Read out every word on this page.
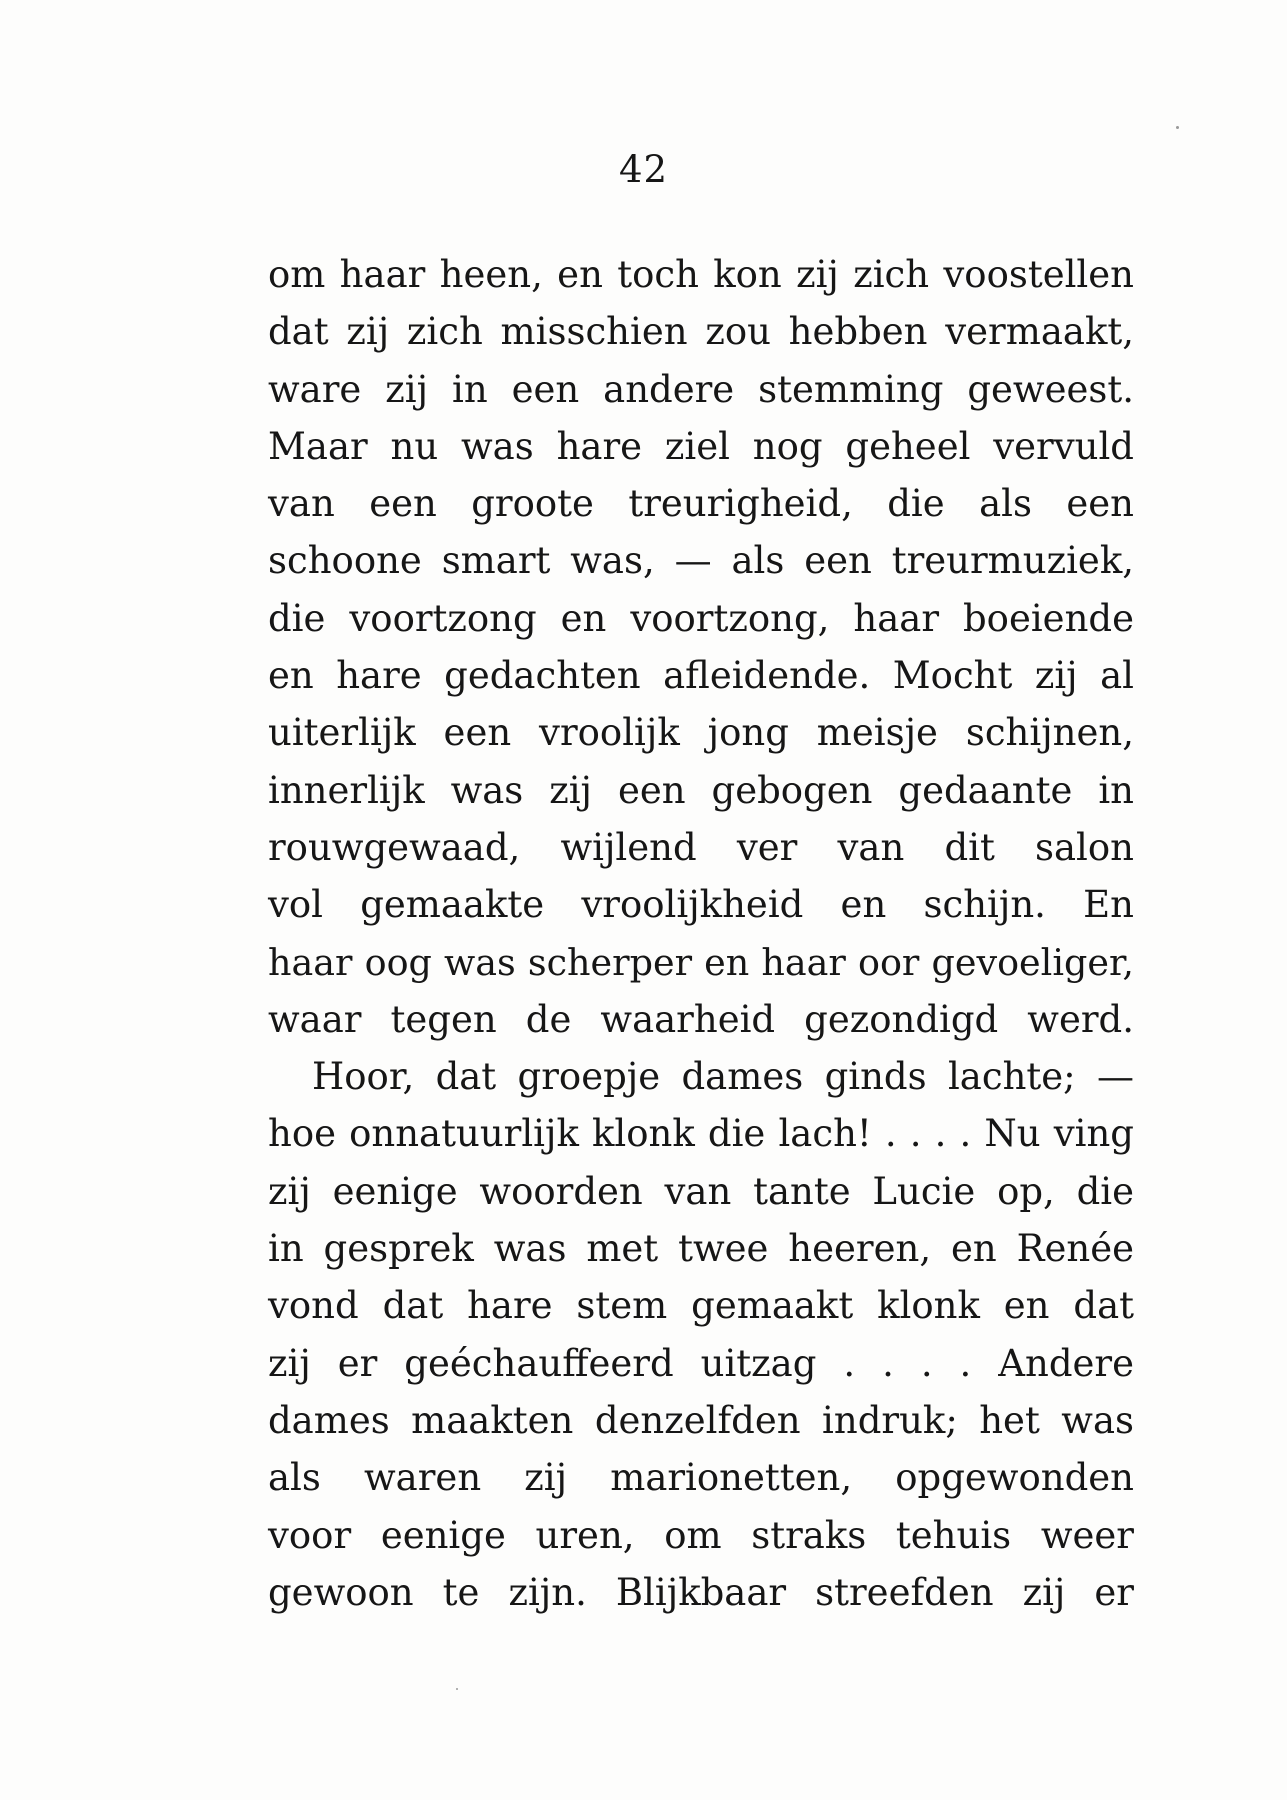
42
om haar heen, en toch kon zij zich voostellen
dat zij zich misschien zou hebben vermaakt,
ware zij in een andere stemming geweest.
Maar nu was hare ziel nog geheel vervuld
van een groote treurigheid, die als een
schoone smart was, — als een treurmuziek,
die voortzong en voortzong, haar boeiende
en hare gedachten afleidende. Mocht zij al
uiterlijk een vroolijk jong meisje schijnen,
innerlijk was zij een gebogen gedaante in
rouwgewaad, wijlend ver van dit salon
vol gemaakte vroolijkheid en schijn. En
haar oog was scherper en haar oor gevoeliger,
waar tegen de waarheid gezondigd werd.
Hoor, dat groepje dames ginds lachte; —
hoe onnatuurlijk klonk die lach! . . . . Nu ving
zij eenige woorden van tante Lucie op, die
in gesprek was met twee heeren, en Renée
vond dat hare stem gemaakt klonk en dat
zij er geéchauffeerd uitzag . . . . Andere
dames maakten denzelfden indruk; het was
als waren zij marionetten, opgewonden
voor eenige uren, om straks tehuis weer
gewoon te zijn. Blijkbaar streefden zij er
